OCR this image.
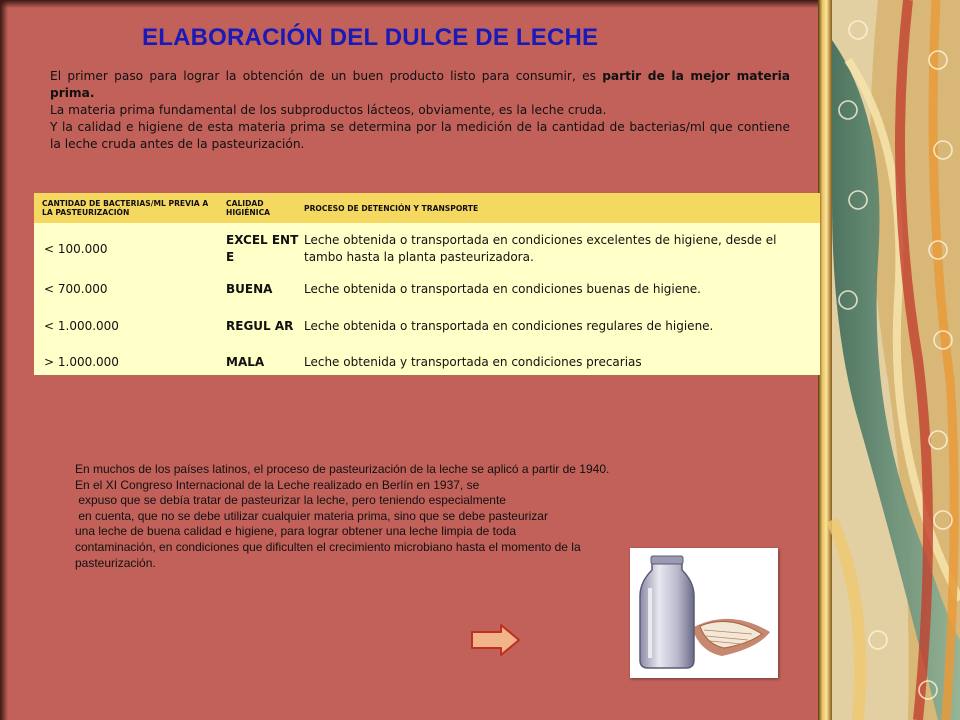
ELABORACIÓN DEL DULCE DE LECHE

El primer paso para lograr la obtención de un buen producto listo para consumir, es partir de la mejor materia prima.

La materia prima fundamental de los subproductos lácteos, obviamente, es la leche cruda.

Y la calidad e higiene de esta materia prima se determina por la medición de la cantidad de bacterias/ml que contiene la leche cruda antes de la pasteurización.

CANTIDAD DE BACTERIAS/ML PREVIA A LA PASTEURIZACIÓN	CALIDAD HIGIÉNICA	PROCESO DE DETENCIÓN Y TRANSPORTE
< 100.000	EXCEL ENTE	Leche obtenida o transportada en condiciones excelentes de higiene, desde el tambo hasta la planta pasteurizadora.
< 700.000	BUENA	Leche obtenida o transportada en condiciones buenas de higiene.
< 1.000.000	REGUL AR	Leche obtenida o transportada en condiciones regulares de higiene.
> 1.000.000	MALA	Leche obtenida y transportada en condiciones precarias

En muchos de los países latinos, el proceso de pasteurización de la leche se aplicó a partir de 1940.

En el XI Congreso Internacional de la Leche realizado en Berlín en 1937, se

expuso que se debía tratar de pasteurizar la leche, pero teniendo especialmente

en cuenta, que no se debe utilizar cualquier materia prima, sino que se debe pasteurizar

una leche de buena calidad e higiene, para lograr obtener una leche limpia de toda

contaminación, en condiciones que dificulten el crecimiento microbiano hasta el momento de la

pasteurización.
